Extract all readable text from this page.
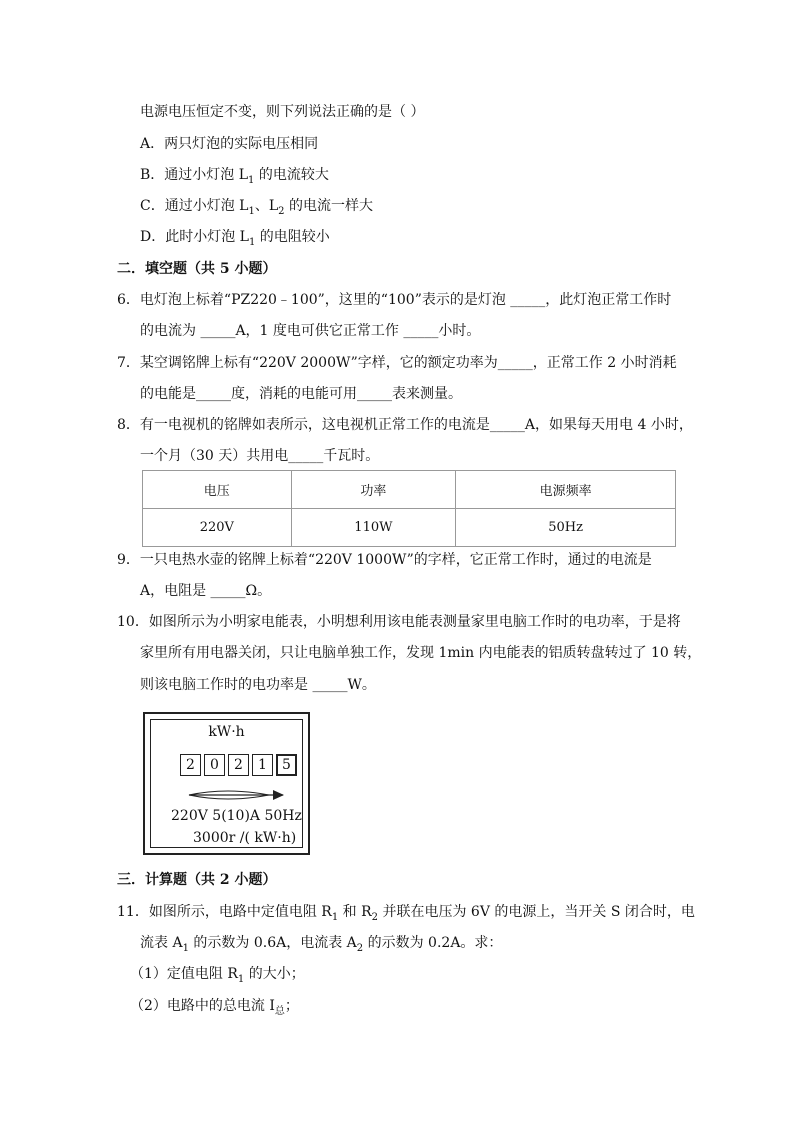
电源电压恒定不变，则下列说法正确的是（ ）
A．两只灯泡的实际电压相同
B．通过小灯泡 $L_1$ 的电流较大
C．通过小灯泡 $L_1$、$L_2$ 的电流一样大
D．此时小灯泡 $L_1$ 的电阻较小
二．填空题（共 5 小题）
6．电灯泡上标着“PZ220﹣100”，这里的“100”表示的是灯泡 _____，此灯泡正常工作时
的电流为 _____A，1 度电可供它正常工作 _____小时。
7．某空调铭牌上标有“220V 2000W”字样，它的额定功率为_____，正常工作 2 小时消耗
的电能是_____度，消耗的电能可用_____表来测量。
8．有一电视机的铭牌如表所示，这电视机正常工作的电流是_____A，如果每天用电 4 小时，
一个月（30 天）共用电_____千瓦时。
电压	功率	电源频率
220V	110W	50Hz
9．一只电热水壶的铭牌上标着“220V 1000W”的字样，它正常工作时，通过的电流是
A，电阻是 _____Ω。
10．如图所示为小明家电能表，小明想利用该电能表测量家里电脑工作时的电功率，于是将
家里所有用电器关闭，只让电脑单独工作，发现 1min 内电能表的铝质转盘转过了 10 转，
则该电脑工作时的电功率是 _____W。
kW·h
2	0	2	1	5
220V 5(10)A 50Hz
3000r /( kW·h)
三．计算题（共 2 小题）
11．如图所示，电路中定值电阻 $R_1$ 和 $R_2$ 并联在电压为 6V 的电源上，当开关 S 闭合时，电
流表 $A_1$ 的示数为 0.6A，电流表 $A_2$ 的示数为 0.2A。求：
（1）定值电阻 $R_1$ 的大小；
（2）电路中的总电流 $I_总$；
